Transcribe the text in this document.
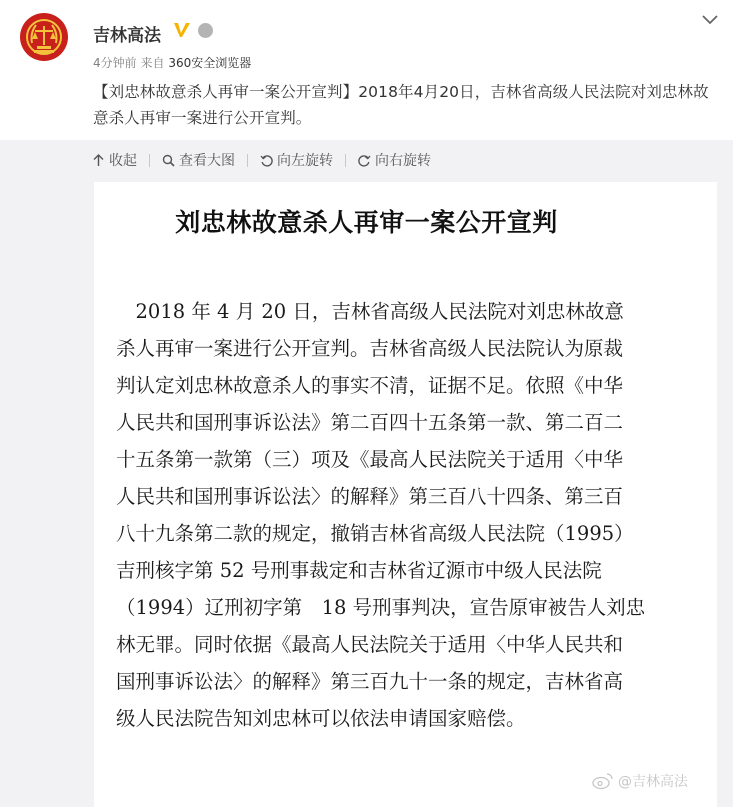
吉林高法
4分钟前 来自 360安全浏览器
【刘忠林故意杀人再审一案公开宣判】2018年4月20日，吉林省高级人民法院对刘忠林故意杀人再审一案进行公开宣判。
收起	查看大图	向左旋转	向右旋转
刘忠林故意杀人再审一案公开宣判
　2018 年 4 月 20 日，吉林省高级人民法院对刘忠林故意
杀人再审一案进行公开宣判。吉林省高级人民法院认为原裁
判认定刘忠林故意杀人的事实不清，证据不足。依照《中华
人民共和国刑事诉讼法》第二百四十五条第一款、第二百二
十五条第一款第（三）项及《最高人民法院关于适用〈中华
人民共和国刑事诉讼法〉的解释》第三百八十四条、第三百
八十九条第二款的规定，撤销吉林省高级人民法院（1995）
吉刑核字第 52 号刑事裁定和吉林省辽源市中级人民法院
（1994）辽刑初字第　18 号刑事判决，宣告原审被告人刘忠
林无罪。同时依据《最高人民法院关于适用〈中华人民共和
国刑事诉讼法〉的解释》第三百九十一条的规定，吉林省高
级人民法院告知刘忠林可以依法申请国家赔偿。
@吉林高法
